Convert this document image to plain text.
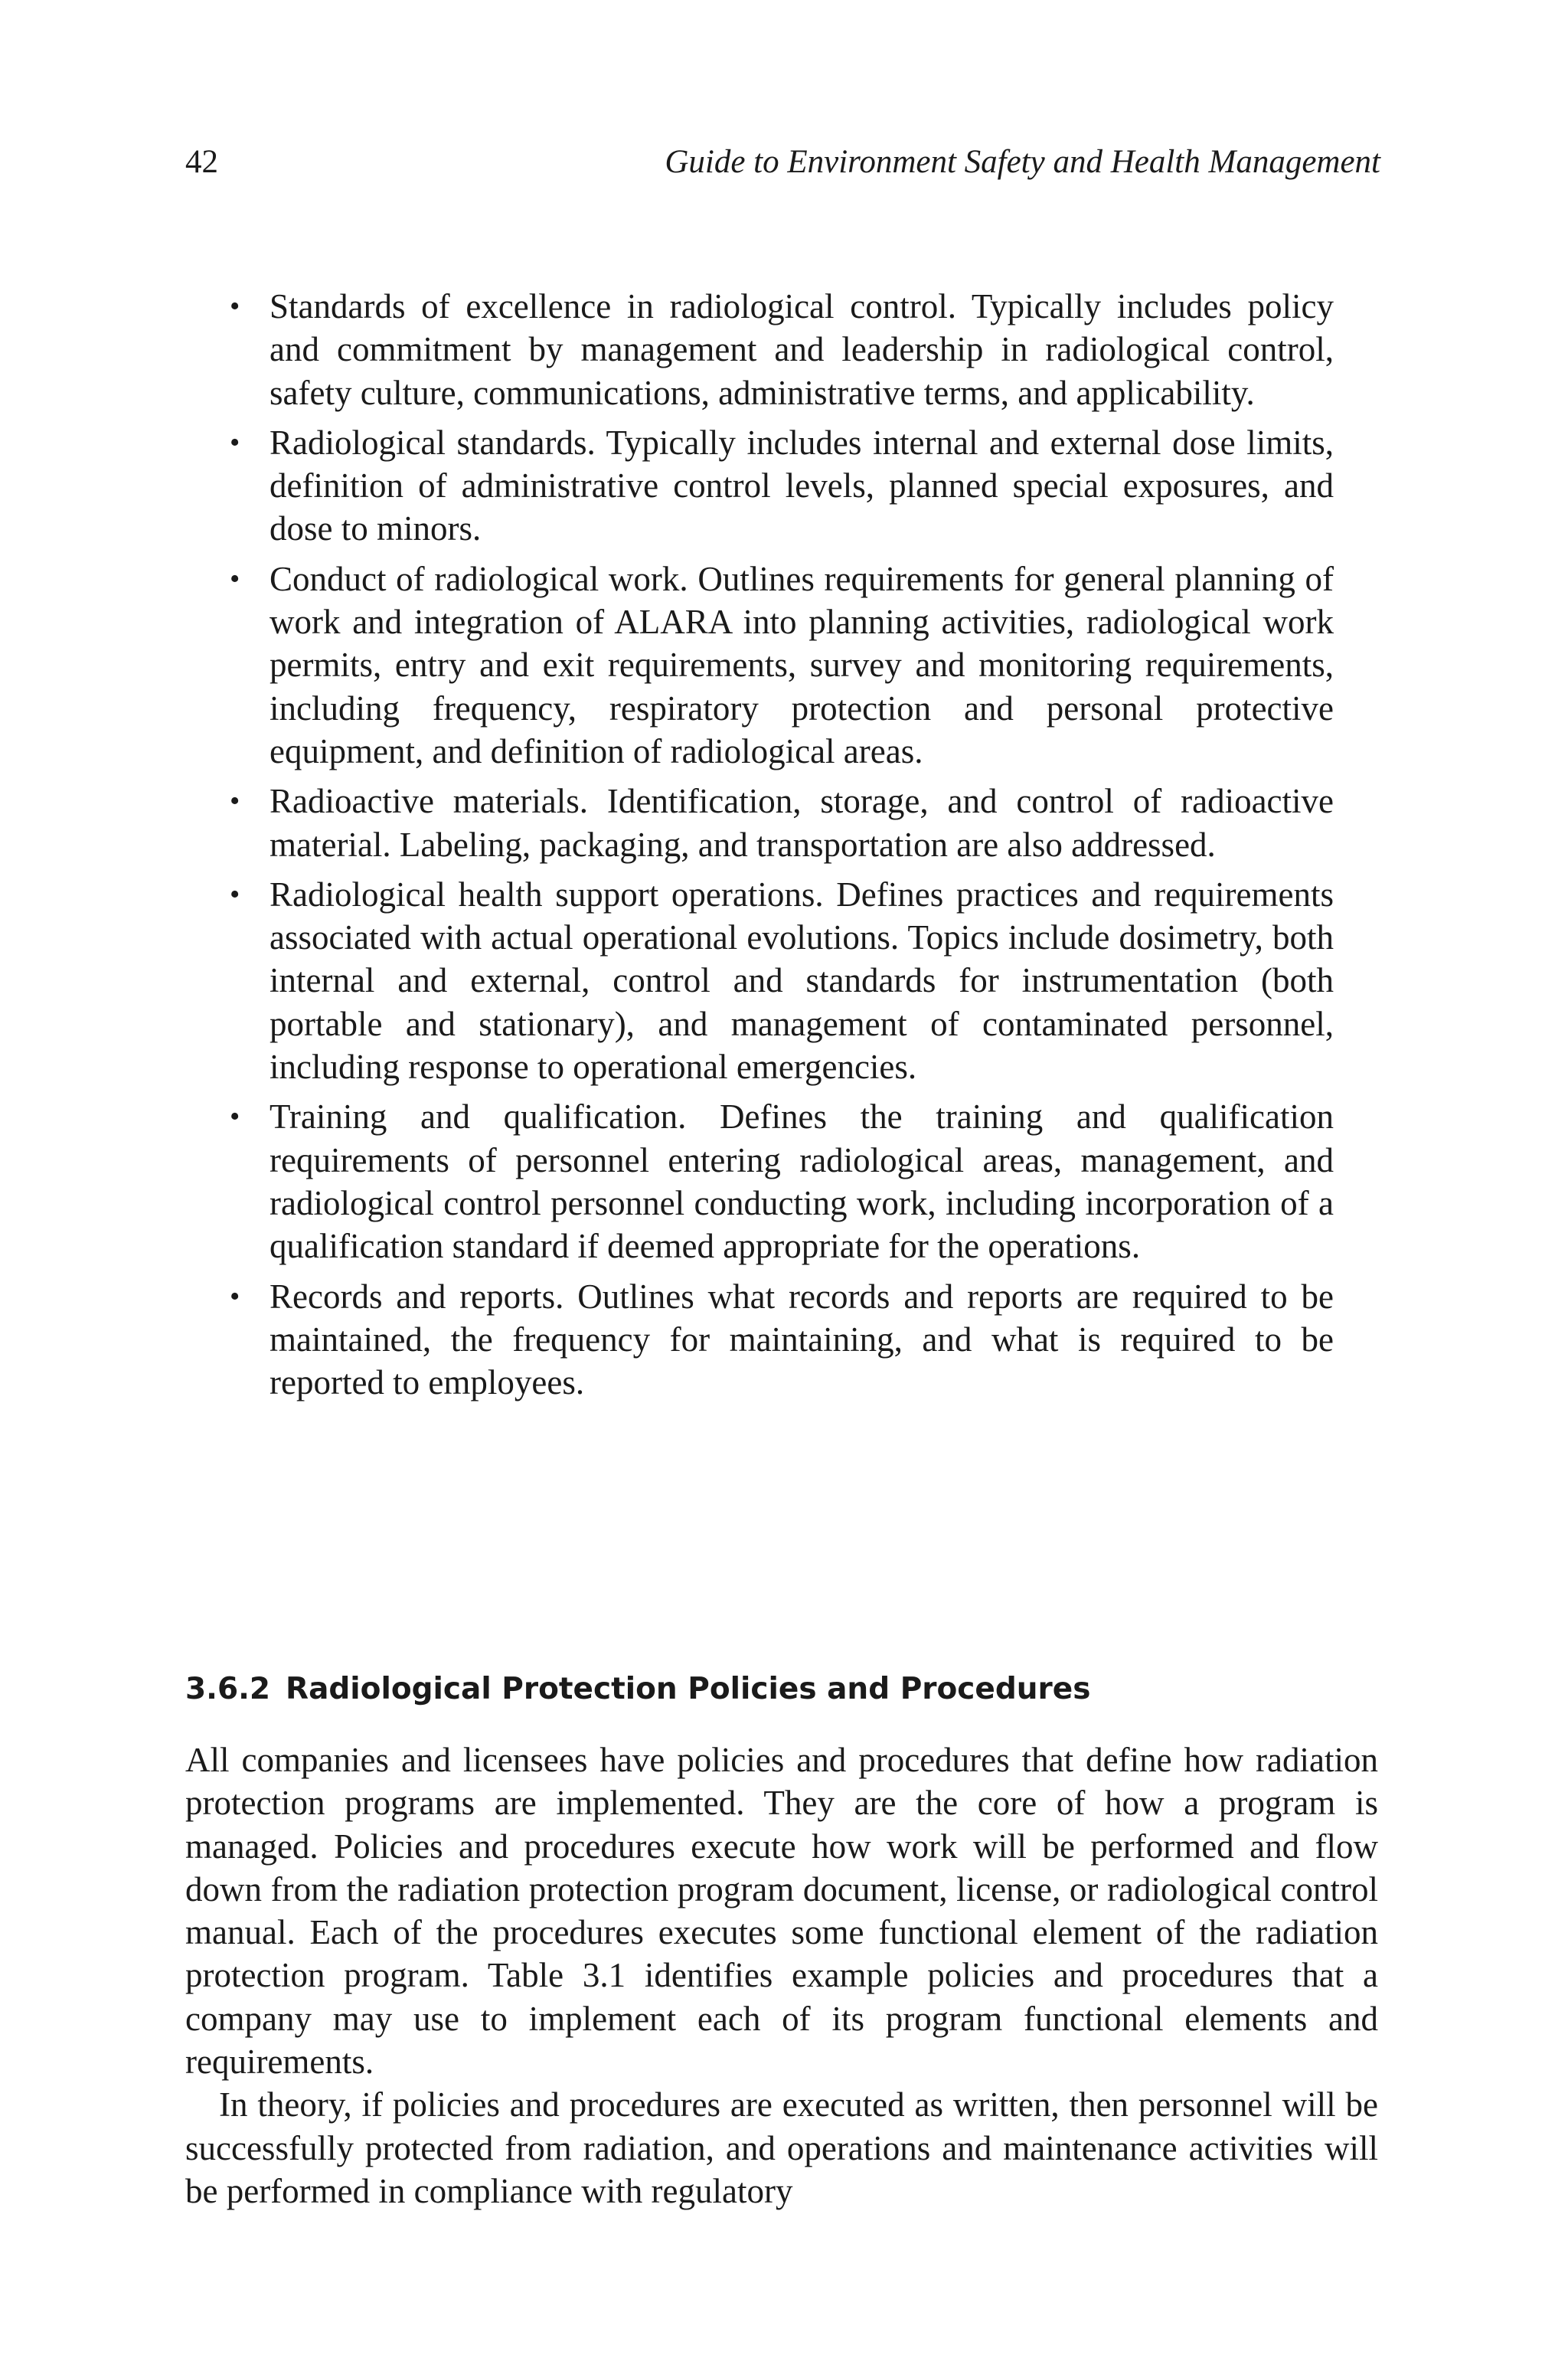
42	Guide to Environment Safety and Health Management
• Standards of excellence in radiological control. Typically includes policy and commitment by management and leadership in radiological control, safety culture, communications, administrative terms, and applicability.
• Radiological standards. Typically includes internal and external dose limits, definition of administrative control levels, planned special exposures, and dose to minors.
• Conduct of radiological work. Outlines requirements for general planning of work and integration of ALARA into planning activities, radiological work permits, entry and exit requirements, survey and monitoring requirements, including frequency, respiratory protection and personal protective equipment, and definition of radiological areas.
• Radioactive materials. Identification, storage, and control of radioactive material. Labeling, packaging, and transportation are also addressed.
• Radiological health support operations. Defines practices and requirements associated with actual operational evolutions. Topics include dosimetry, both internal and external, control and standards for instrumentation (both portable and stationary), and management of contaminated personnel, including response to operational emergencies.
• Training and qualification. Defines the training and qualification requirements of personnel entering radiological areas, management, and radiological control personnel conducting work, including incorporation of a qualification standard if deemed appropriate for the operations.
• Records and reports. Outlines what records and reports are required to be maintained, the frequency for maintaining, and what is required to be reported to employees.
3.6.2 Radiological Protection Policies and Procedures

All companies and licensees have policies and procedures that define how radiation protection programs are implemented. They are the core of how a program is managed. Policies and procedures execute how work will be performed and flow down from the radiation protection program document, license, or radiological control manual. Each of the procedures executes some functional element of the radiation protection program. Table 3.1 identifies example policies and procedures that a company may use to implement each of its program functional elements and requirements.

In theory, if policies and procedures are executed as written, then personnel will be successfully protected from radiation, and operations and maintenance activities will be performed in compliance with regulatory
